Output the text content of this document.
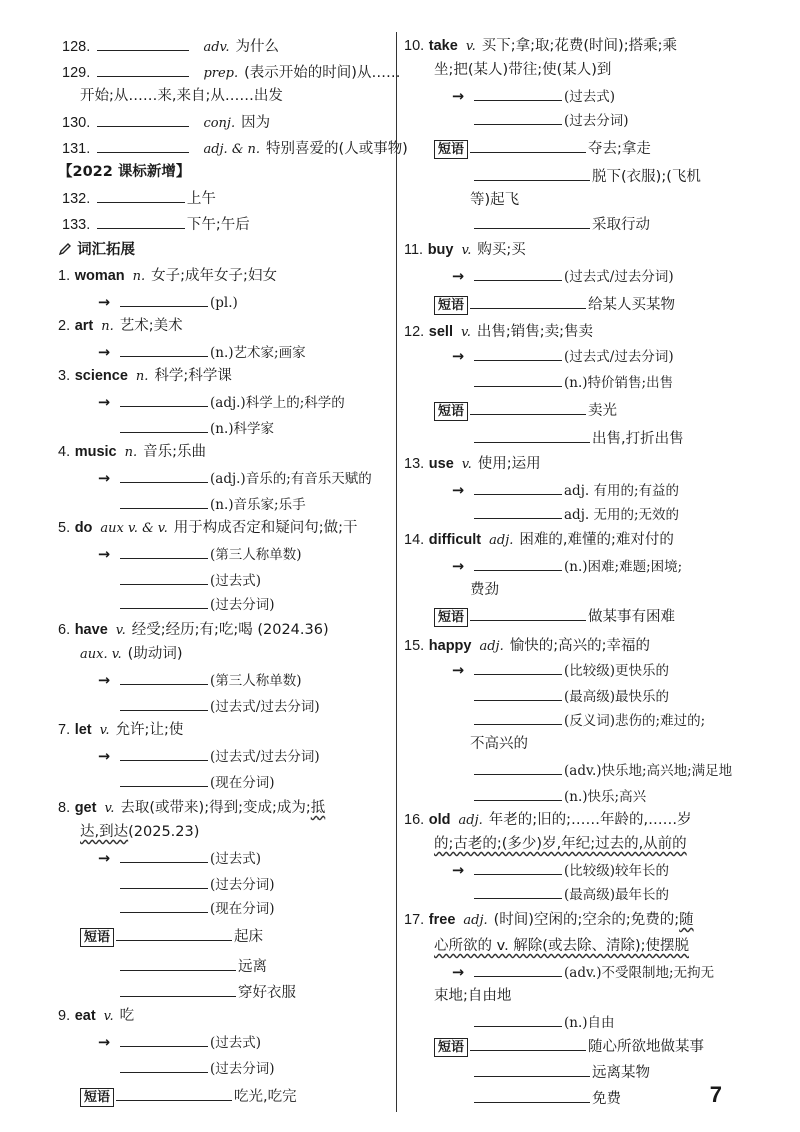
128.	adv. 为什么
129.	prep. (表示开始的时间)从……
开始;从……来,来自;从……出发
130.	conj. 因为
131.	adj. & n. 特别喜爱的(人或事物)
【2022 课标新增】
132.	上午
133.	下午;午后
词汇拓展
1. woman n. 女子;成年女子;妇女
→	(pl.)
2. art n. 艺术;美术
→	(n.)艺术家;画家
3. science n. 科学;科学课
→	(adj.)科学上的;科学的
(n.)科学家
4. music n. 音乐;乐曲
→	(adj.)音乐的;有音乐天赋的
(n.)音乐家;乐手
5. do aux v. & v. 用于构成否定和疑问句;做;干
→	(第三人称单数)
(过去式)
(过去分词)
6. have v. 经受;经历;有;吃;喝 (2024.36)
aux. v. (助动词)
→	(第三人称单数)
(过去式/过去分词)
7. let v. 允许;让;使
→	(过去式/过去分词)
(现在分词)
8. get v. 去取(或带来);得到;变成;成为;抵
达,到达(2025.23)
→	(过去式)
(过去分词)
(现在分词)
短语	起床
远离
穿好衣服
9. eat v. 吃
→	(过去式)
(过去分词)
短语	吃光,吃完
10. take v. 买下;拿;取;花费(时间);搭乘;乘
坐;把(某人)带往;使(某人)到
→	(过去式)
(过去分词)
短语	夺去;拿走
脱下(衣服);(飞机
等)起飞
采取行动
11. buy v. 购买;买
→	(过去式/过去分词)
短语	给某人买某物
12. sell v. 出售;销售;卖;售卖
→	(过去式/过去分词)
(n.)特价销售;出售
短语	卖光
出售,打折出售
13. use v. 使用;运用
→	adj. 有用的;有益的
adj. 无用的;无效的
14. difficult adj. 困难的,难懂的;难对付的
→	(n.)困难;难题;困境;
费劲
短语	做某事有困难
15. happy adj. 愉快的;高兴的;幸福的
→	(比较级)更快乐的
(最高级)最快乐的
(反义词)悲伤的;难过的;
不高兴的
(adv.)快乐地;高兴地;满足地
(n.)快乐;高兴
16. old adj. 年老的;旧的;……年龄的,……岁
的;古老的;(多少)岁,年纪;过去的,从前的
→	(比较级)较年长的
(最高级)最年长的
17. free adj. (时间)空闲的;空余的;免费的;随
心所欲的 v. 解除(或去除、清除);使摆脱
→	(adv.)不受限制地;无拘无
束地;自由地
(n.)自由
短语	随心所欲地做某事
远离某物
免费	7
